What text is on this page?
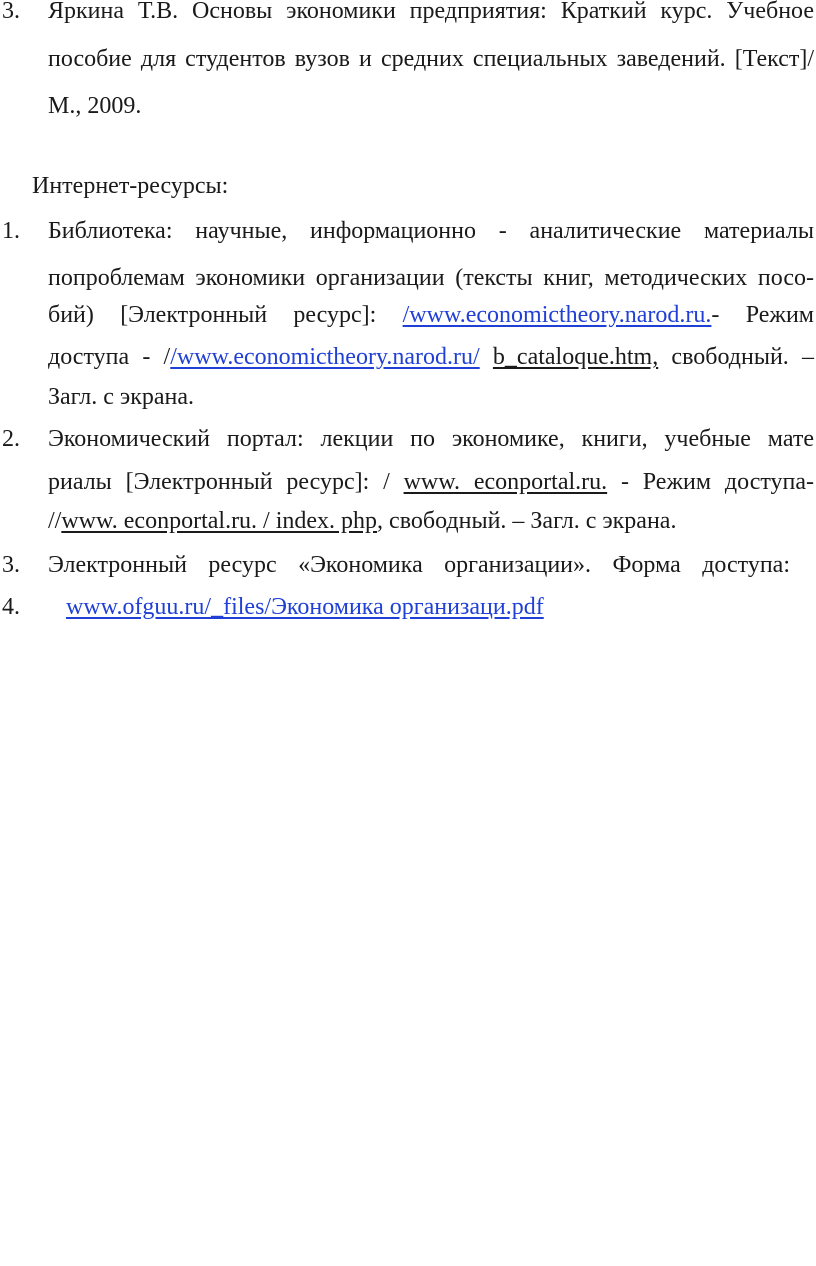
3. Яркина Т.В. Основы экономики предприятия: Краткий курс. Учебное
пособие для студентов вузов и средних специальных заведений. [Текст]/
М., 2009.
Интернет-ресурсы:
1. Библиотека: научные, информационно - аналитические материалы
попроблемам экономики организации (тексты книг, методических посо-
бий) [Электронный ресурс]: /www.economictheory.narod.ru.- Режим
доступа - //www.economictheory.narod.ru/ b_cataloque.htm, свободный. –
Загл. с экрана.
2. Экономический портал: лекции по экономике, книги, учебные мате
риалы [Электронный ресурс]: / www. econportal.ru. - Режим доступа-
//www. econportal.ru. / index. php, свободный. – Загл. с экрана.
3. Электронный ресурс «Экономика организации». Форма доступа:
4. www.ofguu.ru/_files/Экономика организаци.pdf
